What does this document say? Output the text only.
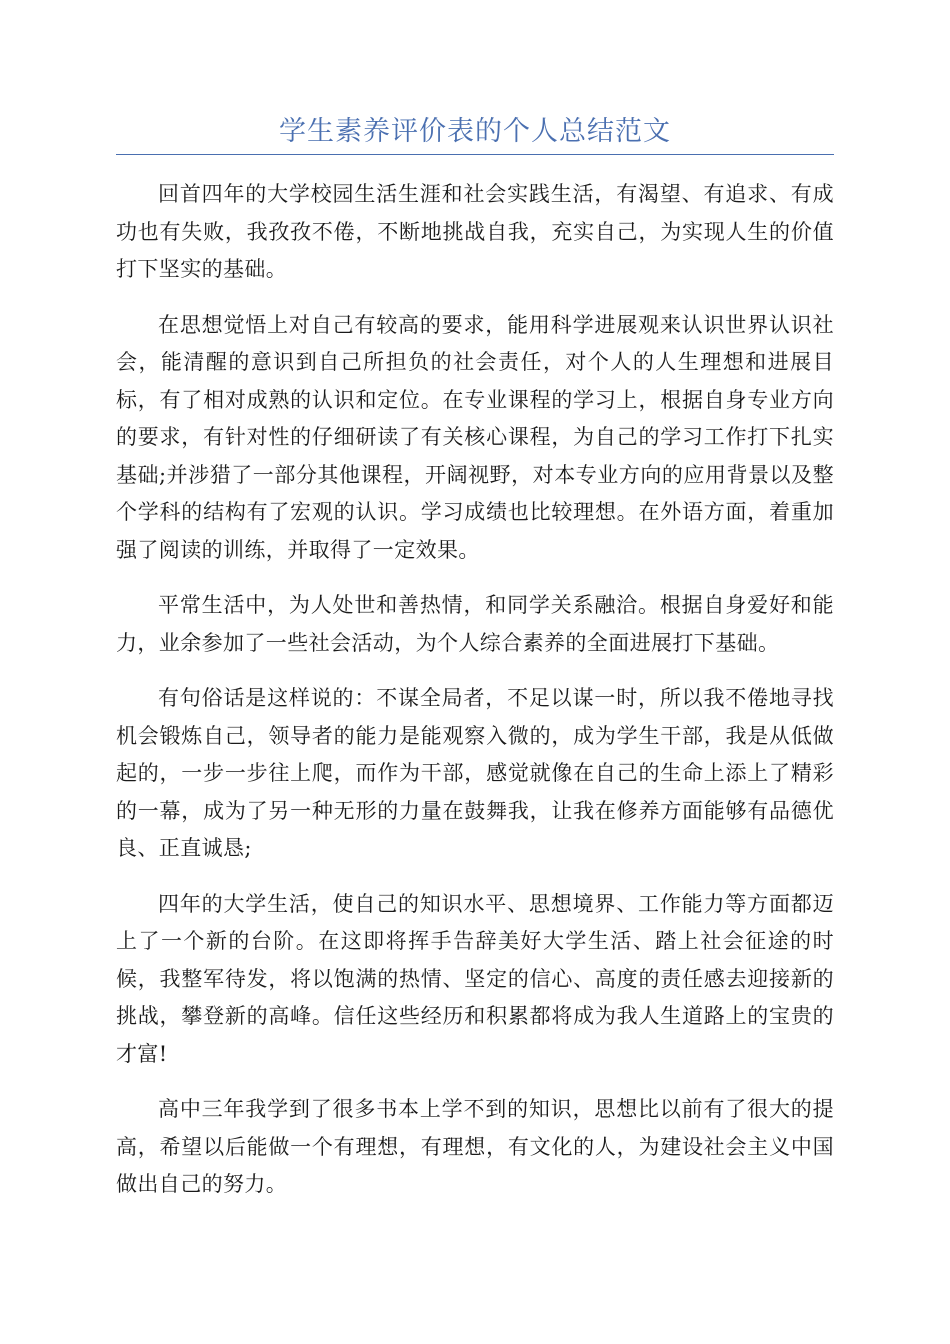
学生素养评价表的个人总结范文

回首四年的大学校园生活生涯和社会实践生活，有渴望、有追求、有成功也有失败，我孜孜不倦，不断地挑战自我，充实自己，为实现人生的价值打下坚实的基础。

在思想觉悟上对自己有较高的要求，能用科学进展观来认识世界认识社会，能清醒的意识到自己所担负的社会责任，对个人的人生理想和进展目标，有了相对成熟的认识和定位。在专业课程的学习上，根据自身专业方向的要求，有针对性的仔细研读了有关核心课程，为自己的学习工作打下扎实基础;并涉猎了一部分其他课程，开阔视野，对本专业方向的应用背景以及整个学科的结构有了宏观的认识。学习成绩也比较理想。在外语方面，着重加强了阅读的训练，并取得了一定效果。

平常生活中，为人处世和善热情，和同学关系融洽。根据自身爱好和能力，业余参加了一些社会活动，为个人综合素养的全面进展打下基础。

有句俗话是这样说的：不谋全局者，不足以谋一时，所以我不倦地寻找机会锻炼自己，领导者的能力是能观察入微的，成为学生干部，我是从低做起的，一步一步往上爬，而作为干部，感觉就像在自己的生命上添上了精彩的一幕，成为了另一种无形的力量在鼓舞我，让我在修养方面能够有品德优良、正直诚恳;

四年的大学生活，使自己的知识水平、思想境界、工作能力等方面都迈上了一个新的台阶。在这即将挥手告辞美好大学生活、踏上社会征途的时候，我整军待发，将以饱满的热情、坚定的信心、高度的责任感去迎接新的挑战，攀登新的高峰。信任这些经历和积累都将成为我人生道路上的宝贵的才富!

高中三年我学到了很多书本上学不到的知识，思想比以前有了很大的提高，希望以后能做一个有理想，有理想，有文化的人，为建设社会主义中国做出自己的努力。
